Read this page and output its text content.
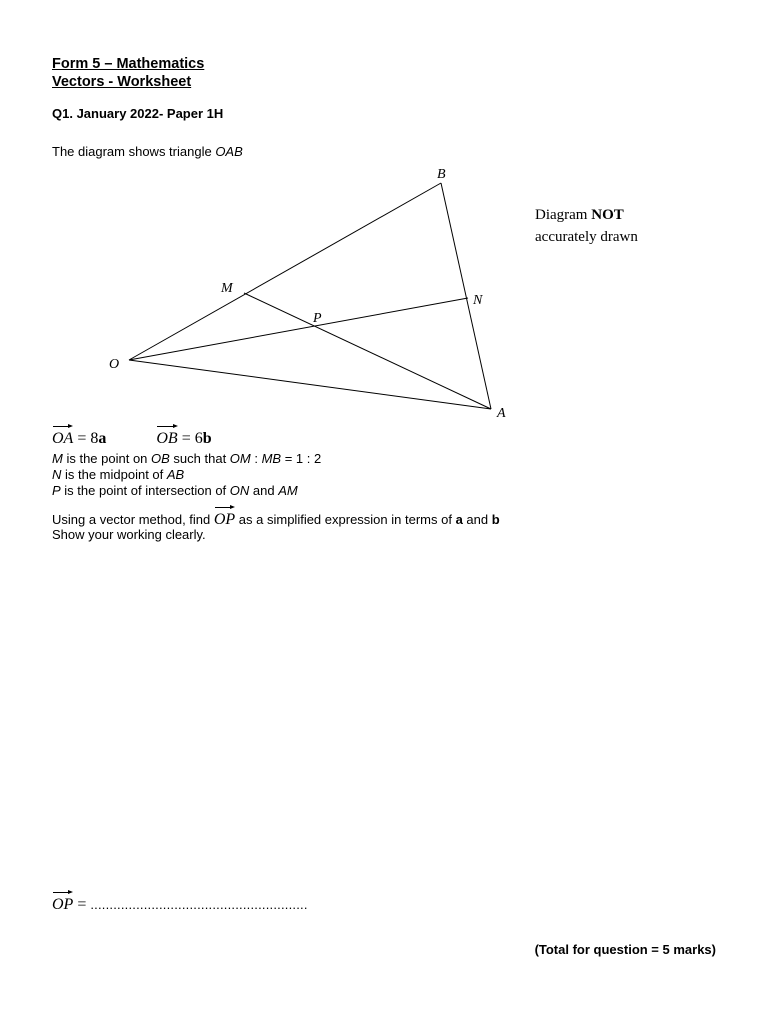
Form 5 – Mathematics
Vectors - Worksheet
Q1. January 2022- Paper 1H
The diagram shows triangle OAB
B
M
N
P
O
A
Diagram NOT
accurately drawn
OA = 8a	OB = 6b
M is the point on OB such that OM : MB = 1 : 2
N is the midpoint of AB
P is the point of intersection of ON and AM
Using a vector method, find
OP as a simplified expression in terms of a and b
Show your working clearly.
OP = .........................................................
(Total for question = 5 marks)
